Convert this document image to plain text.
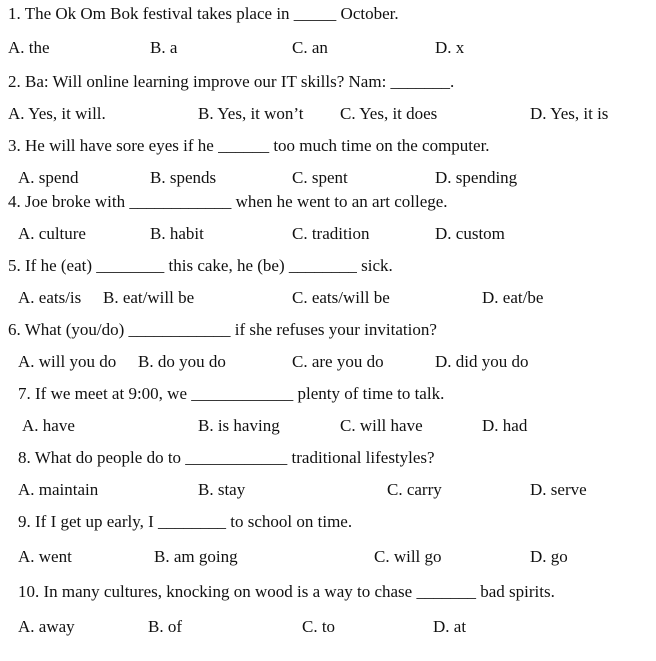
1. The Ok Om Bok festival takes place in _____ October.
A. the	B. a	C. an	D. x
2. Ba: Will online learning improve our IT skills? Nam: _______.
A. Yes, it will.	B. Yes, it won’t C. Yes, it does	D. Yes, it is
3. He will have sore eyes if he ______ too much time on the computer.
A. spend	B. spends	C. spent	D. spending
4. Joe broke with ____________ when he went to an art college.
A. culture	B. habit	C. tradition	D. custom
5. If he (eat) ________ this cake, he (be) ________ sick.
A. eats/is B. eat/will be	C. eats/will be	D. eat/be
6. What (you/do) ____________ if she refuses your invitation?
A. will you do B. do you do	C. are you do	D. did you do
7. If we meet at 9:00, we ____________ plenty of time to talk.
A. have	B. is having	C. will have	D. had
8. What do people do to ____________ traditional lifestyles?
A. maintain	B. stay	C. carry	D. serve
9. If I get up early, I ________ to school on time.
A. went	B. am going	C. will go	D. go
10. In many cultures, knocking on wood is a way to chase _______ bad spirits.
A. away	B. of	C. to	D. at
